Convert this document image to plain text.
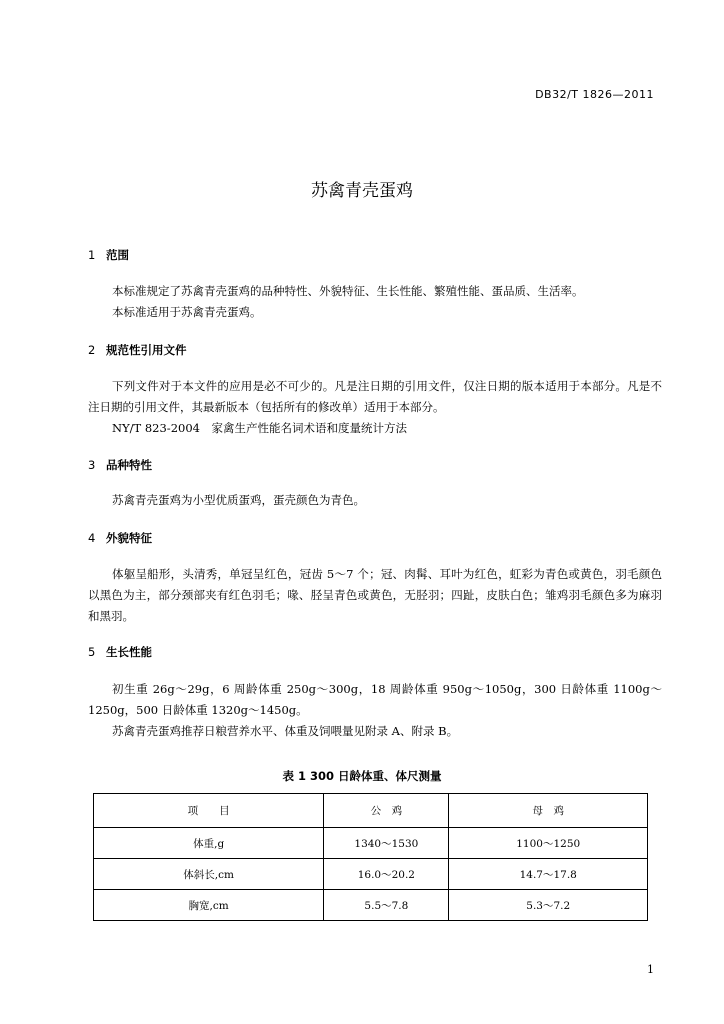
DB32/T 1826—2011
苏禽青壳蛋鸡
1 范围

本标准规定了苏禽青壳蛋鸡的品种特性、外貌特征、生长性能、繁殖性能、蛋品质、生活率。

本标准适用于苏禽青壳蛋鸡。

2 规范性引用文件

下列文件对于本文件的应用是必不可少的。凡是注日期的引用文件，仅注日期的版本适用于本部分。凡是不注日期的引用文件，其最新版本（包括所有的修改单）适用于本部分。

NY/T 823-2004　家禽生产性能名词术语和度量统计方法

3 品种特性

苏禽青壳蛋鸡为小型优质蛋鸡，蛋壳颜色为青色。

4 外貌特征

体躯呈船形，头清秀，单冠呈红色，冠齿 5～7 个；冠、肉髯、耳叶为红色，虹彩为青色或黄色，羽毛颜色以黑色为主，部分颈部夹有红色羽毛；喙、胫呈青色或黄色，无胫羽；四趾，皮肤白色；雏鸡羽毛颜色多为麻羽和黑羽。

5 生长性能

初生重 26g～29g，6 周龄体重 250g～300g，18 周龄体重 950g～1050g，300 日龄体重 1100g～1250g，500 日龄体重 1320g～1450g。

苏禽青壳蛋鸡推荐日粮营养水平、体重及饲喂量见附录 A、附录 B。

表 1 300 日龄体重、体尺测量
项　　目	公　鸡	母　鸡
体重,g	1340～1530	1100～1250
体斜长,cm	16.0～20.2	14.7～17.8
胸宽,cm	5.5～7.8	5.3～7.2
1
